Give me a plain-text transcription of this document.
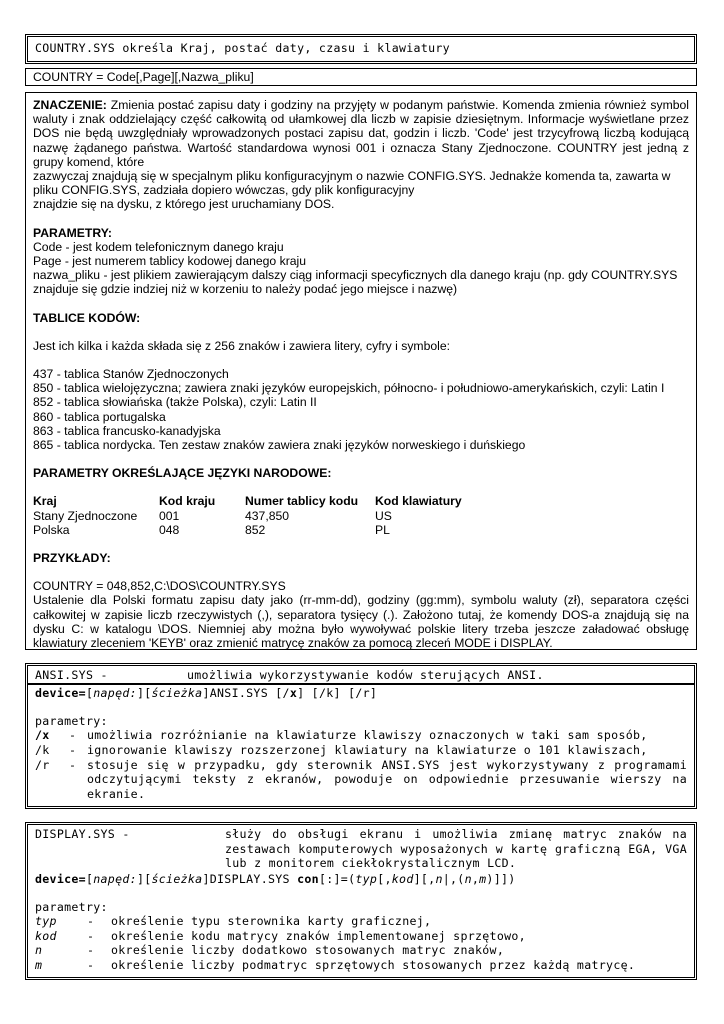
COUNTRY.SYS określa Kraj, postać daty, czasu i klawiatury
COUNTRY = Code[,Page][,Nazwa_pliku]

ZNACZENIE: Zmienia postać zapisu daty i godziny na przyjęty w podanym państwie. Komenda zmienia również symbol waluty i znak oddzielający część całkowitą od ułamkowej dla liczb w zapisie dziesiętnym. Informacje wyświetlane przez DOS nie będą uwzględniały wprowadzonych postaci zapisu dat, godzin i liczb. 'Code' jest trzycyfrową liczbą kodującą nazwę żądanego państwa. Wartość standardowa wynosi 001 i oznacza Stany Zjednoczone. COUNTRY jest jedną z grupy komend, które

zazwyczaj znajdują się w specjalnym pliku konfiguracyjnym o nazwie CONFIG.SYS. Jednakże komenda ta, zawarta w pliku CONFIG.SYS, zadziała dopiero wówczas, gdy plik konfiguracyjny

znajdzie się na dysku, z którego jest uruchamiany DOS.

PARAMETRY:

Code - jest kodem telefonicznym danego kraju

Page - jest numerem tablicy kodowej danego kraju

nazwa_pliku - jest plikiem zawierającym dalszy ciąg informacji specyficznych dla danego kraju (np. gdy COUNTRY.SYS znajduje się gdzie indziej niż w korzeniu to należy podać jego miejsce i nazwę)

TABLICE KODÓW:

Jest ich kilka i każda składa się z 256 znaków i zawiera litery, cyfry i symbole:

437 - tablica Stanów Zjednoczonych

850 - tablica wielojęzyczna; zawiera znaki języków europejskich, północno- i południowo-amerykańskich, czyli: Latin I

852 - tablica słowiańska (także Polska), czyli: Latin II

860 - tablica portugalska

863 - tablica francusko-kanadyjska

865 - tablica nordycka. Ten zestaw znaków zawiera znaki języków norweskiego i duńskiego

PARAMETRY OKREŚLAJĄCE JĘZYKI NARODOWE:

Kraj	Kod kraju	Numer tablicy kodu	Kod klawiatury
Stany Zjednoczone	001	437,850	US
Polska	048	852	PL

PRZYKŁADY:

COUNTRY = 048,852,C:\DOS\COUNTRY.SYS

Ustalenie dla Polski formatu zapisu daty jako (rr-mm-dd), godziny (gg:mm), symbolu waluty (zł), separatora części całkowitej w zapisie liczb rzeczywistych (,), separatora tysięcy (.). Założono tutaj, że komendy DOS-a znajdują się na dysku C: w katalogu \DOS. Niemniej aby można było wywoływać polskie litery trzeba jeszcze załadować obsługę klawiatury zleceniem 'KEYB' oraz zmienić matrycę znaków za pomocą zleceń MODE i DISPLAY.

ANSI.SYS -	umożliwia wykorzystywanie kodów sterujących ANSI.

device=[napęd:][ścieżka]ANSI.SYS [/x] [/k] [/r]

parametry:

/x	- umożliwia rozróżnianie na klawiaturze klawiszy oznaczonych w taki sam sposób,
/k	- ignorowanie klawiszy rozszerzonej klawiatury na klawiaturze o 101 klawiszach,
/r	- stosuje się w przypadku, gdy sterownik ANSI.SYS jest wykorzystywany z programami odczytującymi teksty z ekranów, powoduje on odpowiednie przesuwanie wierszy na ekranie.
DISPLAY.SYS -	służy do obsługi ekranu i umożliwia zmianę matryc znaków na zestawach komputerowych wyposażonych w kartę graficzną EGA, VGA lub z monitorem ciekłokrystalicznym LCD.

device=[napęd:][ścieżka]DISPLAY.SYS con[:]=(typ[,kod][,n|,(n,m)]])

parametry:

typ	-	określenie typu sterownika karty graficznej,
kod	-	określenie kodu matrycy znaków implementowanej sprzętowo,
n	-	określenie liczby dodatkowo stosowanych matryc znaków,
m	-	określenie liczby podmatryc sprzętowych stosowanych przez każdą matrycę.
